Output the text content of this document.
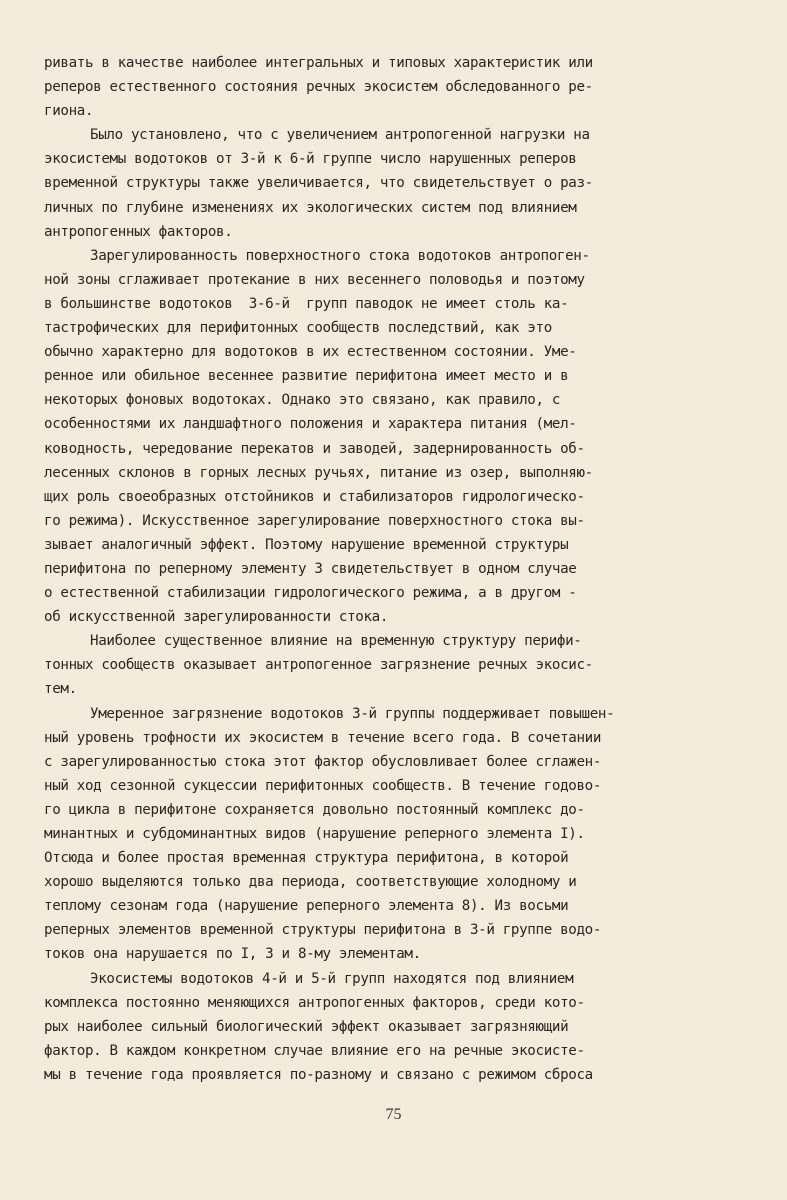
ривать в качестве наиболее интегральных и типовых характеристик или
реперов естественного состояния речных экосистем обследованного ре-
гиона.
Было установлено, что с увеличением антропогенной нагрузки на
экосистемы водотоков от 3-й к 6-й группе число нарушенных реперов
временной структуры также увеличивается, что свидетельствует о раз-
личных по глубине изменениях их экологических систем под влиянием
антропогенных факторов.
Зарегулированность поверхностного стока водотоков антропоген-
ной зоны сглаживает протекание в них весеннего половодья и поэтому
в большинстве водотоков  3-6-й  групп паводок не имеет столь ка-
тастрофических для перифитонных сообществ последствий, как это
обычно характерно для водотоков в их естественном состоянии. Уме-
ренное или обильное весеннее развитие перифитона имеет место и в
некоторых фоновых водотоках. Однако это связано, как правило, с
особенностями их ландшафтного положения и характера питания (мел-
ководность, чередование перекатов и заводей, задернированность об-
лесенных склонов в горных лесных ручьях, питание из озер, выполняю-
щих роль своеобразных отстойников и стабилизаторов гидрологическо-
го режима). Искусственное зарегулирование поверхностного стока вы-
зывает аналогичный эффект. Поэтому нарушение временной структуры
перифитона по реперному элементу 3 свидетельствует в одном случае
о естественной стабилизации гидрологического режима, а в другом -
об искусственной зарегулированности стока.
Наиболее существенное влияние на временную структуру перифи-
тонных сообществ оказывает антропогенное загрязнение речных экосис-
тем.
Умеренное загрязнение водотоков 3-й группы поддерживает повышен-
ный уровень трофности их экосистем в течение всего года. В сочетании
с зарегулированностью стока этот фактор обусловливает более сглажен-
ный ход сезонной сукцессии перифитонных сообществ. В течение годово-
го цикла в перифитоне сохраняется довольно постоянный комплекс до-
минантных и субдоминантных видов (нарушение реперного элемента I).
Отсюда и более простая временная структура перифитона, в которой
хорошо выделяются только два периода, соответствующие холодному и
теплому сезонам года (нарушение реперного элемента 8). Из восьми
реперных элементов временной структуры перифитона в 3-й группе водо-
токов она нарушается по I, 3 и 8-му элементам.
Экосистемы водотоков 4-й и 5-й групп находятся под влиянием
комплекса постоянно меняющихся антропогенных факторов, среди кото-
рых наиболее сильный биологический эффект оказывает загрязняющий
фактор. В каждом конкретном случае влияние его на речные экосисте-
мы в течение года проявляется по-разному и связано с режимом сброса
75
